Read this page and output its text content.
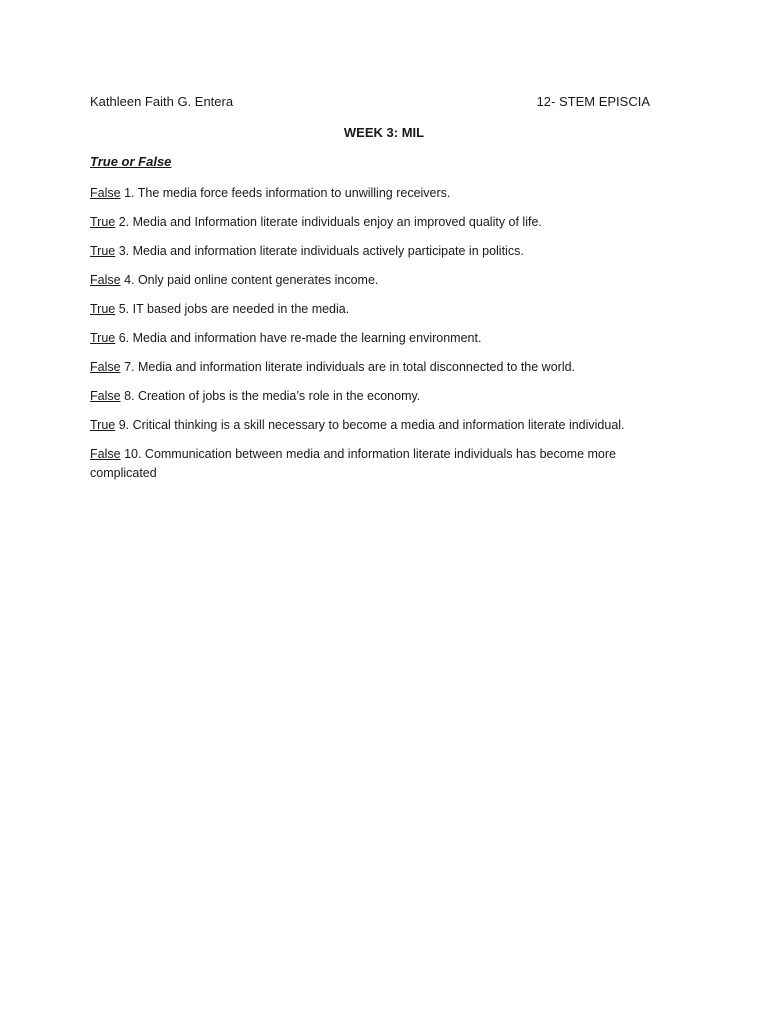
Kathleen Faith G. Entera	12- STEM EPISCIA
WEEK 3: MIL
True or False
False 1. The media force feeds information to unwilling receivers.
True 2. Media and Information literate individuals enjoy an improved quality of life.
True 3. Media and information literate individuals actively participate in politics.
False 4. Only paid online content generates income.
True 5. IT based jobs are needed in the media.
True 6. Media and information have re-made the learning environment.
False 7. Media and information literate individuals are in total disconnected to the world.
False 8. Creation of jobs is the media’s role in the economy.
True 9. Critical thinking is a skill necessary to become a media and information literate individual.
False 10. Communication between media and information literate individuals has become more complicated
